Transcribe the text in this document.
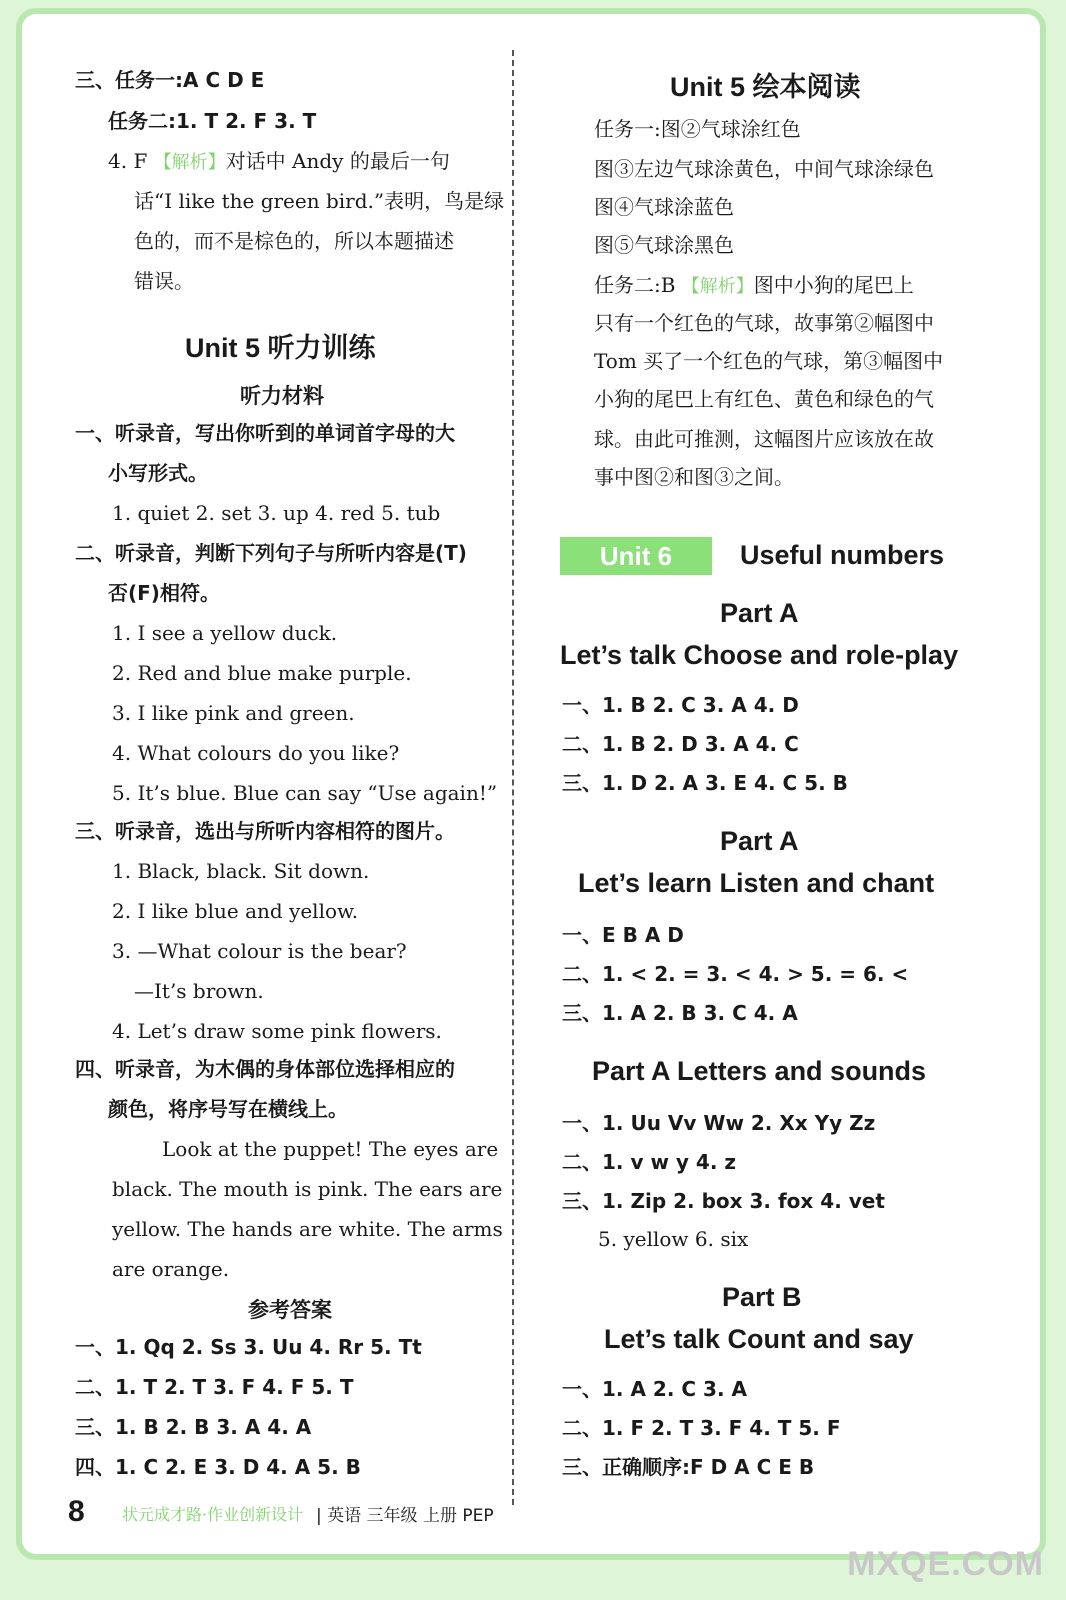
三、任务一:A C D E
任务二:1. T 2. F 3. T
4. F 【解析】对话中 Andy 的最后一句
话“I like the green bird.”表明，鸟是绿
色的，而不是棕色的，所以本题描述
错误。
Unit 5 听力训练
听力材料
一、听录音，写出你听到的单词首字母的大
小写形式。
1. quiet 2. set 3. up 4. red 5. tub
二、听录音，判断下列句子与所听内容是(T)
否(F)相符。
1. I see a yellow duck.
2. Red and blue make purple.
3. I like pink and green.
4. What colours do you like?
5. It’s blue. Blue can say “Use again!”
三、听录音，选出与所听内容相符的图片。
1. Black, black. Sit down.
2. I like blue and yellow.
3. —What colour is the bear?
—It’s brown.
4. Let’s draw some pink flowers.
四、听录音，为木偶的身体部位选择相应的
颜色，将序号写在横线上。
Look at the puppet! The eyes are
black. The mouth is pink. The ears are
yellow. The hands are white. The arms
are orange.
参考答案
一、1. Qq 2. Ss 3. Uu 4. Rr 5. Tt
二、1. T 2. T 3. F 4. F 5. T
三、1. B 2. B 3. A 4. A
四、1. C 2. E 3. D 4. A 5. B
Unit 5 绘本阅读
任务一:图②气球涂红色
图③左边气球涂黄色，中间气球涂绿色
图④气球涂蓝色
图⑤气球涂黑色
任务二:B 【解析】图中小狗的尾巴上
只有一个红色的气球，故事第②幅图中
Tom 买了一个红色的气球，第③幅图中
小狗的尾巴上有红色、黄色和绿色的气
球。由此可推测，这幅图片应该放在故
事中图②和图③之间。
Unit 6	Useful numbers
Part A
Let’s talk Choose and role-play
一、1. B 2. C 3. A 4. D
二、1. B 2. D 3. A 4. C
三、1. D 2. A 3. E 4. C 5. B
Part A
Let’s learn Listen and chant
一、E B A D
二、1. < 2. = 3. < 4. > 5. = 6. <
三、1. A 2. B 3. C 4. A
Part A Letters and sounds
一、1. Uu Vv Ww 2. Xx Yy Zz
二、1. v w y 4. z
三、1. Zip 2. box 3. fox 4. vet
5. yellow 6. six
Part B
Let’s talk Count and say
一、1. A 2. C 3. A
二、1. F 2. T 3. F 4. T 5. F
三、正确顺序:F D A C E B
8 状元成才路·作业创新设计 | 英语 三年级 上册 PEP
MXQE.COM
